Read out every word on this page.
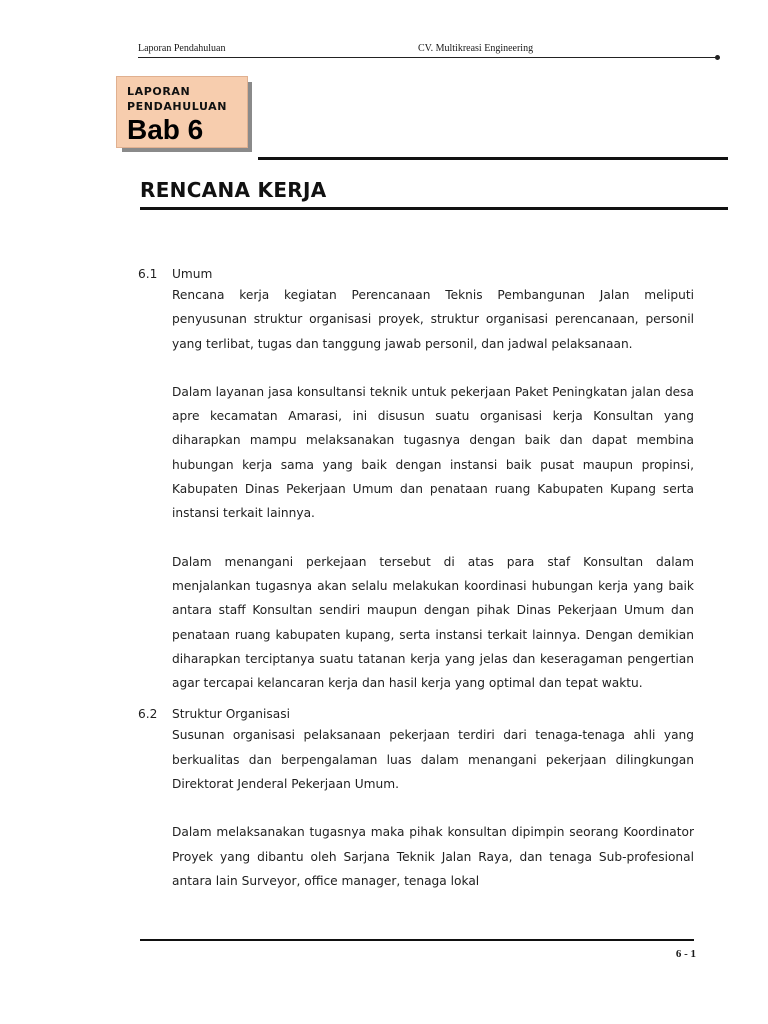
Laporan Pendahuluan	CV. Multikreasi Engineering
LAPORAN
PENDAHULUAN
Bab 6
RENCANA KERJA
6.1 Umum

Rencana kerja kegiatan Perencanaan Teknis Pembangunan Jalan meliputi penyusunan struktur organisasi proyek, struktur organisasi perencanaan, personil yang terlibat, tugas dan tanggung jawab personil, dan jadwal pelaksanaan.

Dalam layanan jasa konsultansi teknik untuk pekerjaan Paket Peningkatan jalan desa apre kecamatan Amarasi, ini disusun suatu organisasi kerja Konsultan yang diharapkan mampu melaksanakan tugasnya dengan baik dan dapat membina hubungan kerja sama yang baik dengan instansi baik pusat maupun propinsi, Kabupaten Dinas Pekerjaan Umum dan penataan ruang Kabupaten Kupang serta instansi terkait lainnya.

Dalam menangani perkejaan tersebut di atas para staf Konsultan dalam menjalankan tugasnya akan selalu melakukan koordinasi hubungan kerja yang baik antara staff Konsultan sendiri maupun dengan pihak Dinas Pekerjaan Umum dan penataan ruang kabupaten kupang, serta instansi terkait lainnya. Dengan demikian diharapkan terciptanya suatu tatanan kerja yang jelas dan keseragaman pengertian agar tercapai kelancaran kerja dan hasil kerja yang optimal dan tepat waktu.

6.2 Struktur Organisasi

Susunan organisasi pelaksanaan pekerjaan terdiri dari tenaga-tenaga ahli yang berkualitas dan berpengalaman luas dalam menangani pekerjaan dilingkungan Direktorat Jenderal Pekerjaan Umum.

Dalam melaksanakan tugasnya maka pihak konsultan dipimpin seorang Koordinator Proyek yang dibantu oleh Sarjana Teknik Jalan Raya, dan tenaga Sub-profesional antara lain Surveyor, office manager, tenaga lokal

6 - 1
